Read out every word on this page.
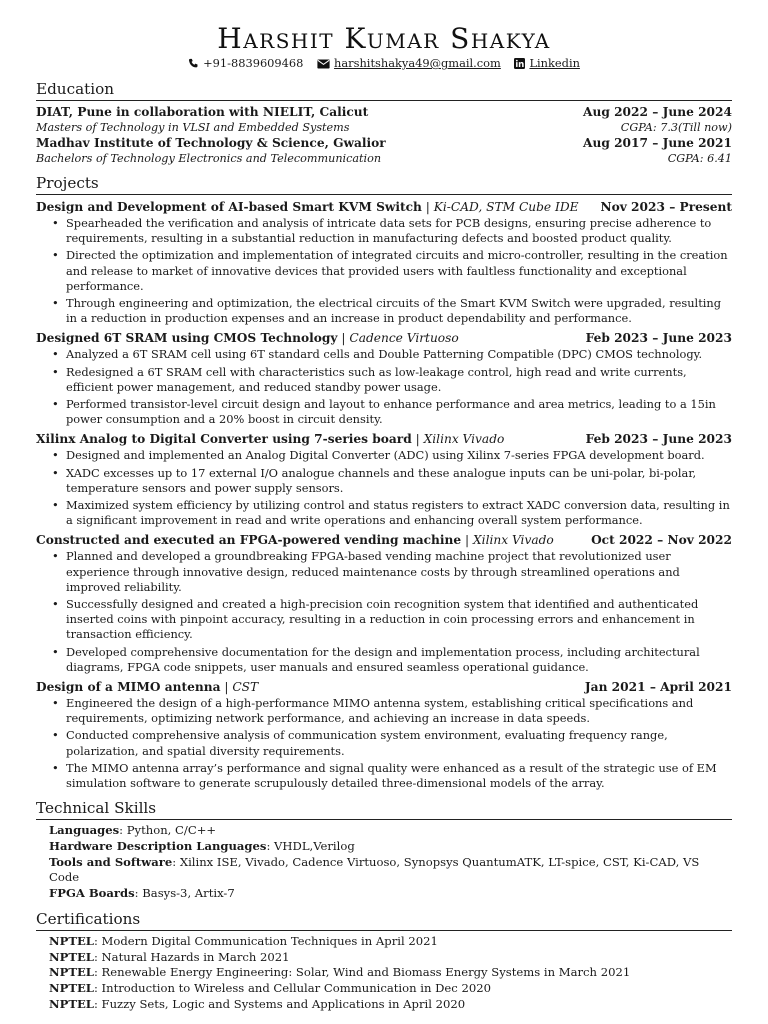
Harshit Kumar Shakya
+91-8839609468	harshitshakya49@gmail.com	Linkedin
Education
DIAT, Pune in collaboration with NIELIT, Calicut	Aug 2022 – June 2024
Masters of Technology in VLSI and Embedded Systems	CGPA: 7.3(Till now)
Madhav Institute of Technology & Science, Gwalior	Aug 2017 – June 2021
Bachelors of Technology Electronics and Telecommunication	CGPA: 6.41
Projects
Design and Development of AI-based Smart KVM Switch | Ki-CAD, STM Cube IDE Nov 2023 – Present
• Spearheaded the verification and analysis of intricate data sets for PCB designs, ensuring precise adherence to requirements, resulting in a substantial reduction in manufacturing defects and boosted product quality.
• Directed the optimization and implementation of integrated circuits and micro-controller, resulting in the creation and release to market of innovative devices that provided users with faultless functionality and exceptional performance.
• Through engineering and optimization, the electrical circuits of the Smart KVM Switch were upgraded, resulting in a reduction in production expenses and an increase in product dependability and performance.
Designed 6T SRAM using CMOS Technology | Cadence Virtuoso	Feb 2023 – June 2023
• Analyzed a 6T SRAM cell using 6T standard cells and Double Patterning Compatible (DPC) CMOS technology.
• Redesigned a 6T SRAM cell with characteristics such as low-leakage control, high read and write currents, efficient power management, and reduced standby power usage.
• Performed transistor-level circuit design and layout to enhance performance and area metrics, leading to a 15in power consumption and a 20% boost in circuit density.
Xilinx Analog to Digital Converter using 7-series board | Xilinx Vivado	Feb 2023 – June 2023
• Designed and implemented an Analog Digital Converter (ADC) using Xilinx 7-series FPGA development board.
• XADC excesses up to 17 external I/O analogue channels and these analogue inputs can be uni-polar, bi-polar, temperature sensors and power supply sensors.
• Maximized system efficiency by utilizing control and status registers to extract XADC conversion data, resulting in a significant improvement in read and write operations and enhancing overall system performance.
Constructed and executed an FPGA-powered vending machine | Xilinx Vivado	Oct 2022 – Nov 2022
• Planned and developed a groundbreaking FPGA-based vending machine project that revolutionized user experience through innovative design, reduced maintenance costs by through streamlined operations and improved reliability.
• Successfully designed and created a high-precision coin recognition system that identified and authenticated inserted coins with pinpoint accuracy, resulting in a reduction in coin processing errors and enhancement in transaction efficiency.
• Developed comprehensive documentation for the design and implementation process, including architectural diagrams, FPGA code snippets, user manuals and ensured seamless operational guidance.
Design of a MIMO antenna | CST	Jan 2021 – April 2021
• Engineered the design of a high-performance MIMO antenna system, establishing critical specifications and requirements, optimizing network performance, and achieving an increase in data speeds.
• Conducted comprehensive analysis of communication system environment, evaluating frequency range, polarization, and spatial diversity requirements.
• The MIMO antenna array’s performance and signal quality were enhanced as a result of the strategic use of EM simulation software to generate scrupulously detailed three-dimensional models of the array.
Technical Skills
Languages: Python, C/C++
Hardware Description Languages: VHDL,Verilog
Tools and Software: Xilinx ISE, Vivado, Cadence Virtuoso, Synopsys QuantumATK, LT-spice, CST, Ki-CAD, VS Code
FPGA Boards: Basys-3, Artix-7
Certifications
NPTEL: Modern Digital Communication Techniques in April 2021
NPTEL: Natural Hazards in March 2021
NPTEL: Renewable Energy Engineering: Solar, Wind and Biomass Energy Systems in March 2021
NPTEL: Introduction to Wireless and Cellular Communication in Dec 2020
NPTEL: Fuzzy Sets, Logic and Systems and Applications in April 2020
